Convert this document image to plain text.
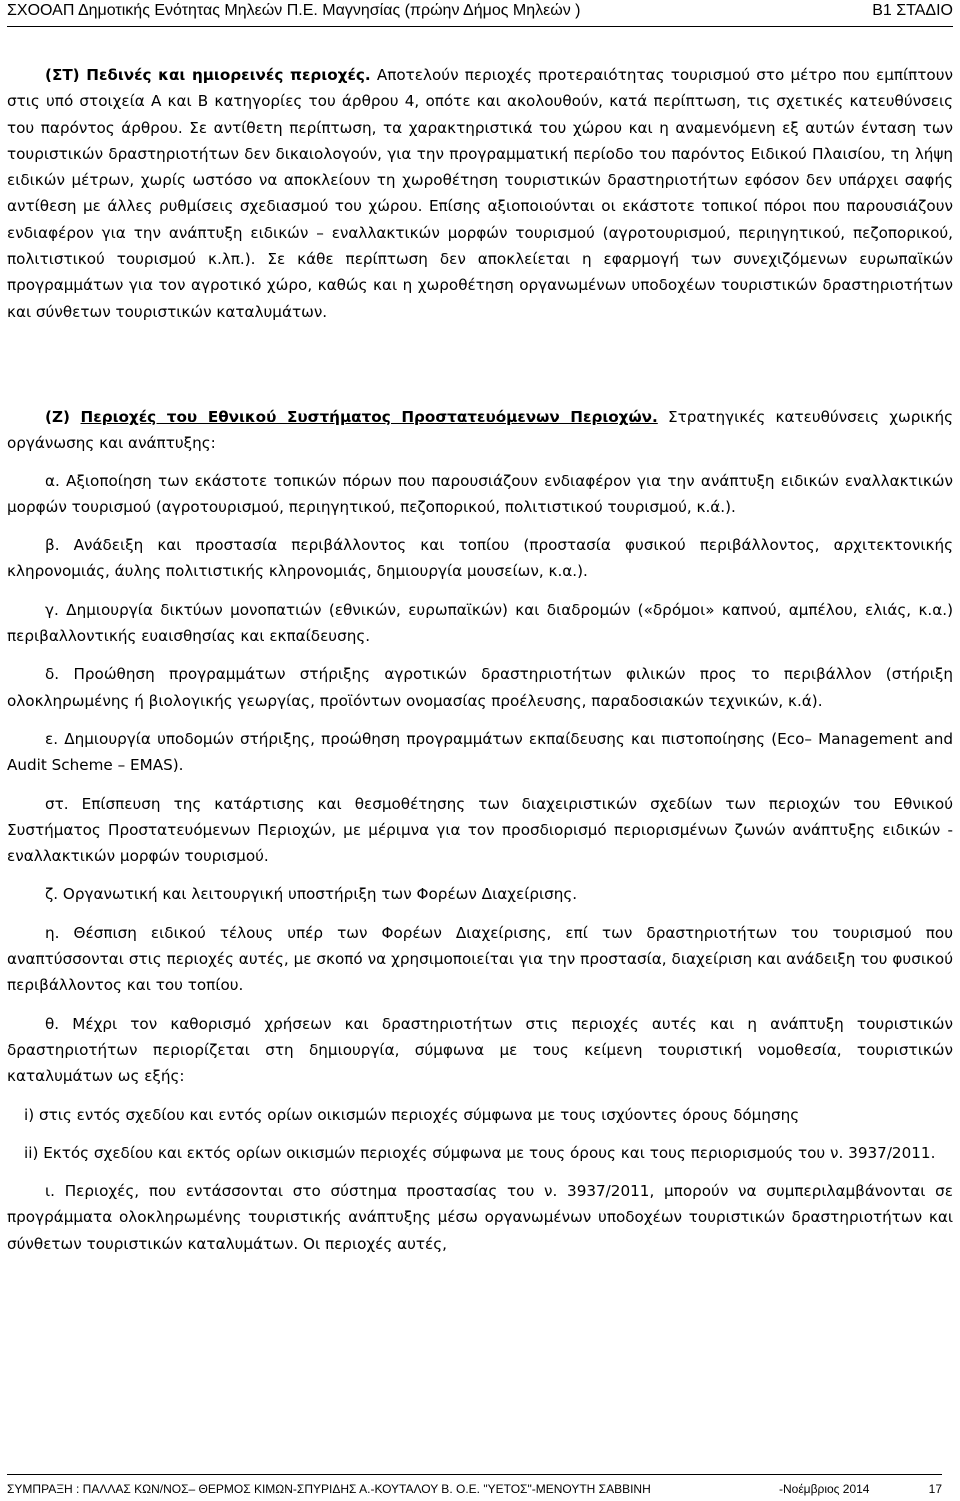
ΣΧΟΟΑΠ Δημοτικής Ενότητας Μηλεών Π.Ε. Μαγνησίας (πρώην Δήμος Μηλεών )	Β1 ΣΤΑΔΙΟ

(ΣΤ) Πεδινές και ημιορεινές περιοχές. Αποτελούν περιοχές προτεραιότητας τουρισμού στο μέτρο που εμπίπτουν στις υπό στοιχεία Α και Β κατηγορίες του άρθρου 4, οπότε και ακολουθούν, κατά περίπτωση, τις σχετικές κατευθύνσεις του παρόντος άρθρου. Σε αντίθετη περίπτωση, τα χαρακτηριστικά του χώρου και η αναμενόμενη εξ αυτών ένταση των τουριστικών δραστηριοτήτων δεν δικαιολογούν, για την προγραμματική περίοδο του παρόντος Ειδικού Πλαισίου, τη λήψη ειδικών μέτρων, χωρίς ωστόσο να αποκλείουν τη χωροθέτηση τουριστικών δραστηριοτήτων εφόσον δεν υπάρχει σαφής αντίθεση με άλλες ρυθμίσεις σχεδιασμού του χώρου. Επίσης αξιοποιούνται οι εκάστοτε τοπικοί πόροι που παρουσιάζουν ενδιαφέρον για την ανάπτυξη ειδικών – εναλλακτικών μορφών τουρισμού (αγροτουρισμού, περιηγητικού, πεζοπορικού, πολιτιστικού τουρισμού κ.λπ.). Σε κάθε περίπτωση δεν αποκλείεται η εφαρμογή των συνεχιζόμενων ευρωπαϊκών προγραμμάτων για τον αγροτικό χώρο, καθώς και η χωροθέτηση οργανωμένων υποδοχέων τουριστικών δραστηριοτήτων και σύνθετων τουριστικών καταλυμάτων.

(Ζ) Περιοχές του Εθνικού Συστήματος Προστατευόμενων Περιοχών. Στρατηγικές κατευθύνσεις χωρικής οργάνωσης και ανάπτυξης:

α. Αξιοποίηση των εκάστοτε τοπικών πόρων που παρουσιάζουν ενδιαφέρον για την ανάπτυξη ειδικών εναλλακτικών μορφών τουρισμού (αγροτουρισμού, περιηγητικού, πεζοπορικού, πολιτιστικού τουρισμού, κ.ά.).

β. Ανάδειξη και προστασία περιβάλλοντος και τοπίου (προστασία φυσικού περιβάλλοντος, αρχιτεκτονικής κληρονομιάς, άυλης πολιτιστικής κληρονομιάς, δημιουργία μουσείων, κ.α.).

γ. Δημιουργία δικτύων μονοπατιών (εθνικών, ευρωπαϊκών) και διαδρομών («δρόμοι» καπνού, αμπέλου, ελιάς, κ.α.) περιβαλλοντικής ευαισθησίας και εκπαίδευσης.

δ. Προώθηση προγραμμάτων στήριξης αγροτικών δραστηριοτήτων φιλικών προς το περιβάλλον (στήριξη ολοκληρωμένης ή βιολογικής γεωργίας, προϊόντων ονομασίας προέλευσης, παραδοσιακών τεχνικών, κ.ά).

ε. Δημιουργία υποδομών στήριξης, προώθηση προγραμμάτων εκπαίδευσης και πιστοποίησης (Eco– Management and Audit Scheme – EMAS).

στ. Επίσπευση της κατάρτισης και θεσμοθέτησης των διαχειριστικών σχεδίων των περιοχών του Εθνικού Συστήματος Προστατευόμενων Περιοχών, με μέριμνα για τον προσδιορισμό περιορισμένων ζωνών ανάπτυξης ειδικών - εναλλακτικών μορφών τουρισμού.

ζ. Οργανωτική και λειτουργική υποστήριξη των Φορέων Διαχείρισης.

η. Θέσπιση ειδικού τέλους υπέρ των Φορέων Διαχείρισης, επί των δραστηριοτήτων του τουρισμού που αναπτύσσονται στις περιοχές αυτές, με σκοπό να χρησιμοποιείται για την προστασία, διαχείριση και ανάδειξη του φυσικού περιβάλλοντος και του τοπίου.

θ. Μέχρι τον καθορισμό χρήσεων και δραστηριοτήτων στις περιοχές αυτές και η ανάπτυξη τουριστικών δραστηριοτήτων περιορίζεται στη δημιουργία, σύμφωνα με τους κείμενη τουριστική νομοθεσία, τουριστικών καταλυμάτων ως εξής:

i) στις εντός σχεδίου και εντός ορίων οικισμών περιοχές σύμφωνα με τους ισχύοντες όρους δόμησης

ii) Εκτός σχεδίου και εκτός ορίων οικισμών περιοχές σύμφωνα με τους όρους και τους περιορισμούς του ν. 3937/2011.

ι. Περιοχές, που εντάσσονται στο σύστημα προστασίας του ν. 3937/2011, μπορούν να συμπεριλαμβάνονται σε προγράμματα ολοκληρωμένης τουριστικής ανάπτυξης μέσω οργανωμένων υποδοχέων τουριστικών δραστηριοτήτων και σύνθετων τουριστικών καταλυμάτων. Οι περιοχές αυτές,

ΣΥΜΠΡΑΞΗ : ΠΑΛΛΑΣ ΚΩΝ/ΝΟΣ– ΘΕΡΜΟΣ ΚΙΜΩΝ-ΣΠΥΡΙΔΗΣ Α.-ΚΟΥΤΑΛΟΥ Β. Ο.Ε. "ΥΕΤΟΣ"-ΜΕΝΟΥΤΗ ΣΑΒΒΙΝΗ	-Νοέμβριος 2014	17
